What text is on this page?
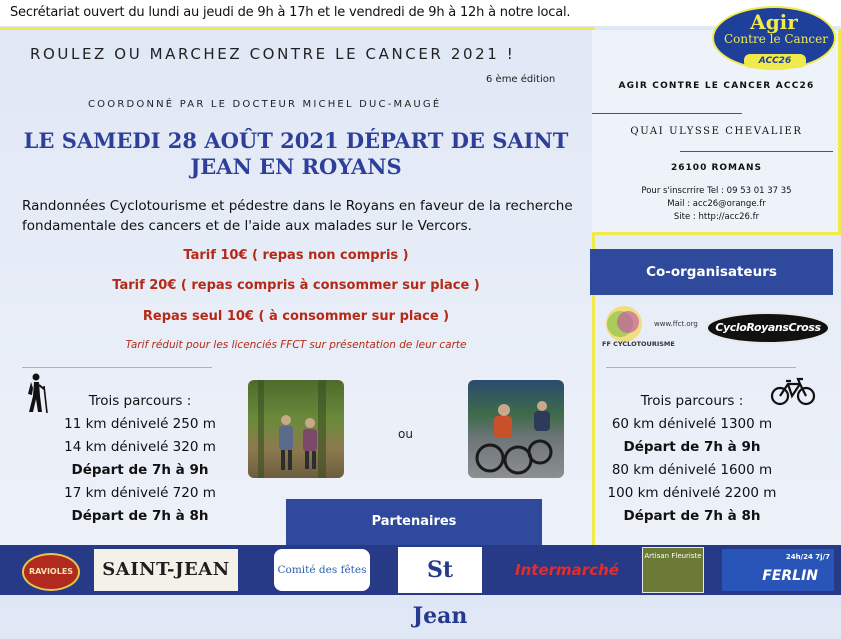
Secrétariat ouvert du lundi au jeudi de 9h à 17h et le vendredi de 9h à 12h à notre local.	Agir
Contre le Cancer
ACC26
ROULEZ OU MARCHEZ CONTRE LE CANCER 2021 !
6 ème édition
COORDONNÉ PAR LE DOCTEUR MICHEL DUC-MAUGÉ
LE SAMEDI 28 AOÛT 2021 DÉPART DE SAINT JEAN EN ROYANS
Randonnées Cyclotourisme et pédestre dans le Royans en faveur de la recherche fondamentale des cancers et de l'aide aux malades sur le Vercors.
Tarif 10€ ( repas non compris )
Tarif 20€ ( repas compris à consommer sur place )
Repas seul 10€ ( à consommer sur place )
Tarif réduit pour les licenciés FFCT sur présentation de leur carte
Trois parcours :
11 km dénivelé 250 m
14 km dénivelé 320 m
Départ de 7h à 9h
17 km dénivelé 720 m
Départ de 7h à 8h
ou
Trois parcours :
60 km dénivelé 1300 m
Départ de 7h à 9h
80 km dénivelé 1600 m
100 km dénivelé 2200 m
Départ de 7h à 8h
AGIR CONTRE LE CANCER ACC26
QUAI ULYSSE CHEVALIER
26100 ROMANS
Pour s'inscrrire Tel : 09 53 01 37 35
Mail : acc26@orange.fr
Site : http://acc26.fr
Co-organisateurs
www.ffct.org
FF CYCLOTOURISME
CycloRoyansCross
Partenaires
RAVIOLES	SAINT-JEAN	Comité des fêtes	St Jean
Intermarché
Artisan Fleuriste
FERLIN
24h/24 7j/7
